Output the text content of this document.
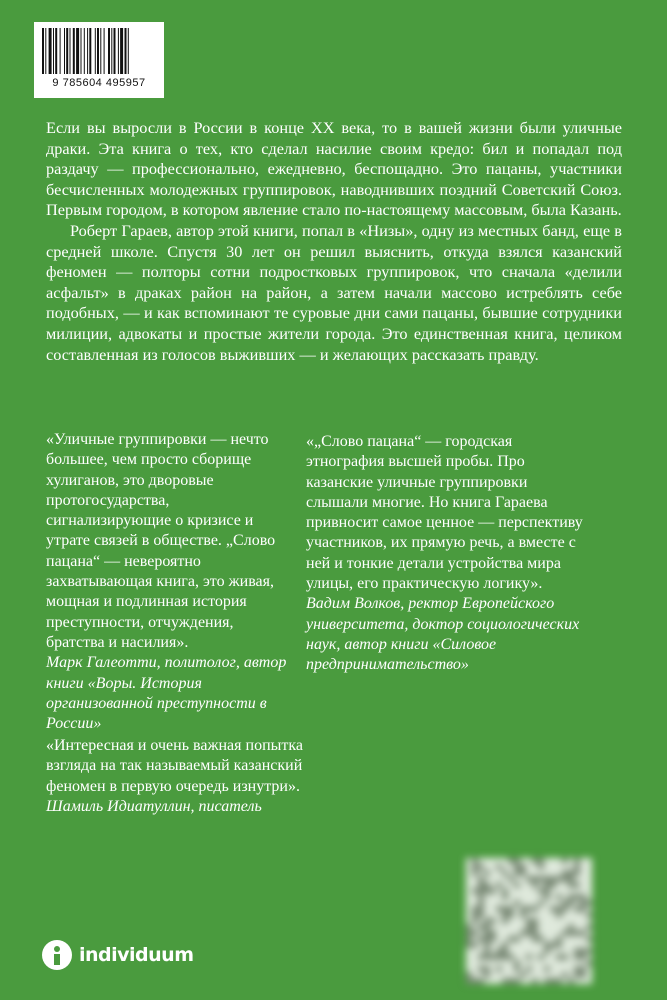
9 785604 495957

Если вы выросли в России в конце XX века, то в вашей жизни были уличные драки. Эта книга о тех, кто сделал насилие своим кредо: бил и попадал под раздачу — профессионально, ежедневно, беспощадно. Это пацаны, участники бесчисленных молодежных группировок, наводнивших поздний Советский Союз. Первым городом, в котором явление стало по-настоящему массовым, была Казань.

Роберт Гараев, автор этой книги, попал в «Низы», одну из местных банд, еще в средней школе. Спустя 30 лет он решил выяснить, откуда взялся казанский феномен — полторы сотни подростковых группировок, что сначала «делили асфальт» в драках район на район, а затем начали массово истреблять себе подобных, — и как вспоминают те суровые дни сами пацаны, бывшие сотрудники милиции, адвокаты и простые жители города. Это единственная книга, целиком составленная из голосов выживших — и желающих рассказать правду.

«Уличные группировки — нечто большее, чем просто сборище хулиганов, это дворовые протогосударства, сигнализирующие о кризисе и утрате связей в обществе. „Слово пацана“ — невероятно захватывающая книга, это живая, мощная и подлинная история преступности, отчуждения, братства и насилия».
Марк Галеотти, политолог, автор книги «Воры. История организованной преступности в России»
«„Слово пацана“ — городская этнография высшей пробы. Про казанские уличные группировки слышали многие. Но книга Гараева привносит самое ценное — перспективу участников, их прямую речь, а вместе с ней и тонкие детали устройства мира улицы, его практическую логику».
Вадим Волков, ректор Европейского университета, доктор социологических наук, автор книги «Силовое предпринимательство»
«Интересная и очень важная попытка взгляда на так называемый казанский феномен в первую очередь изнутри».
Шамиль Идиатуллин, писатель
individuum
